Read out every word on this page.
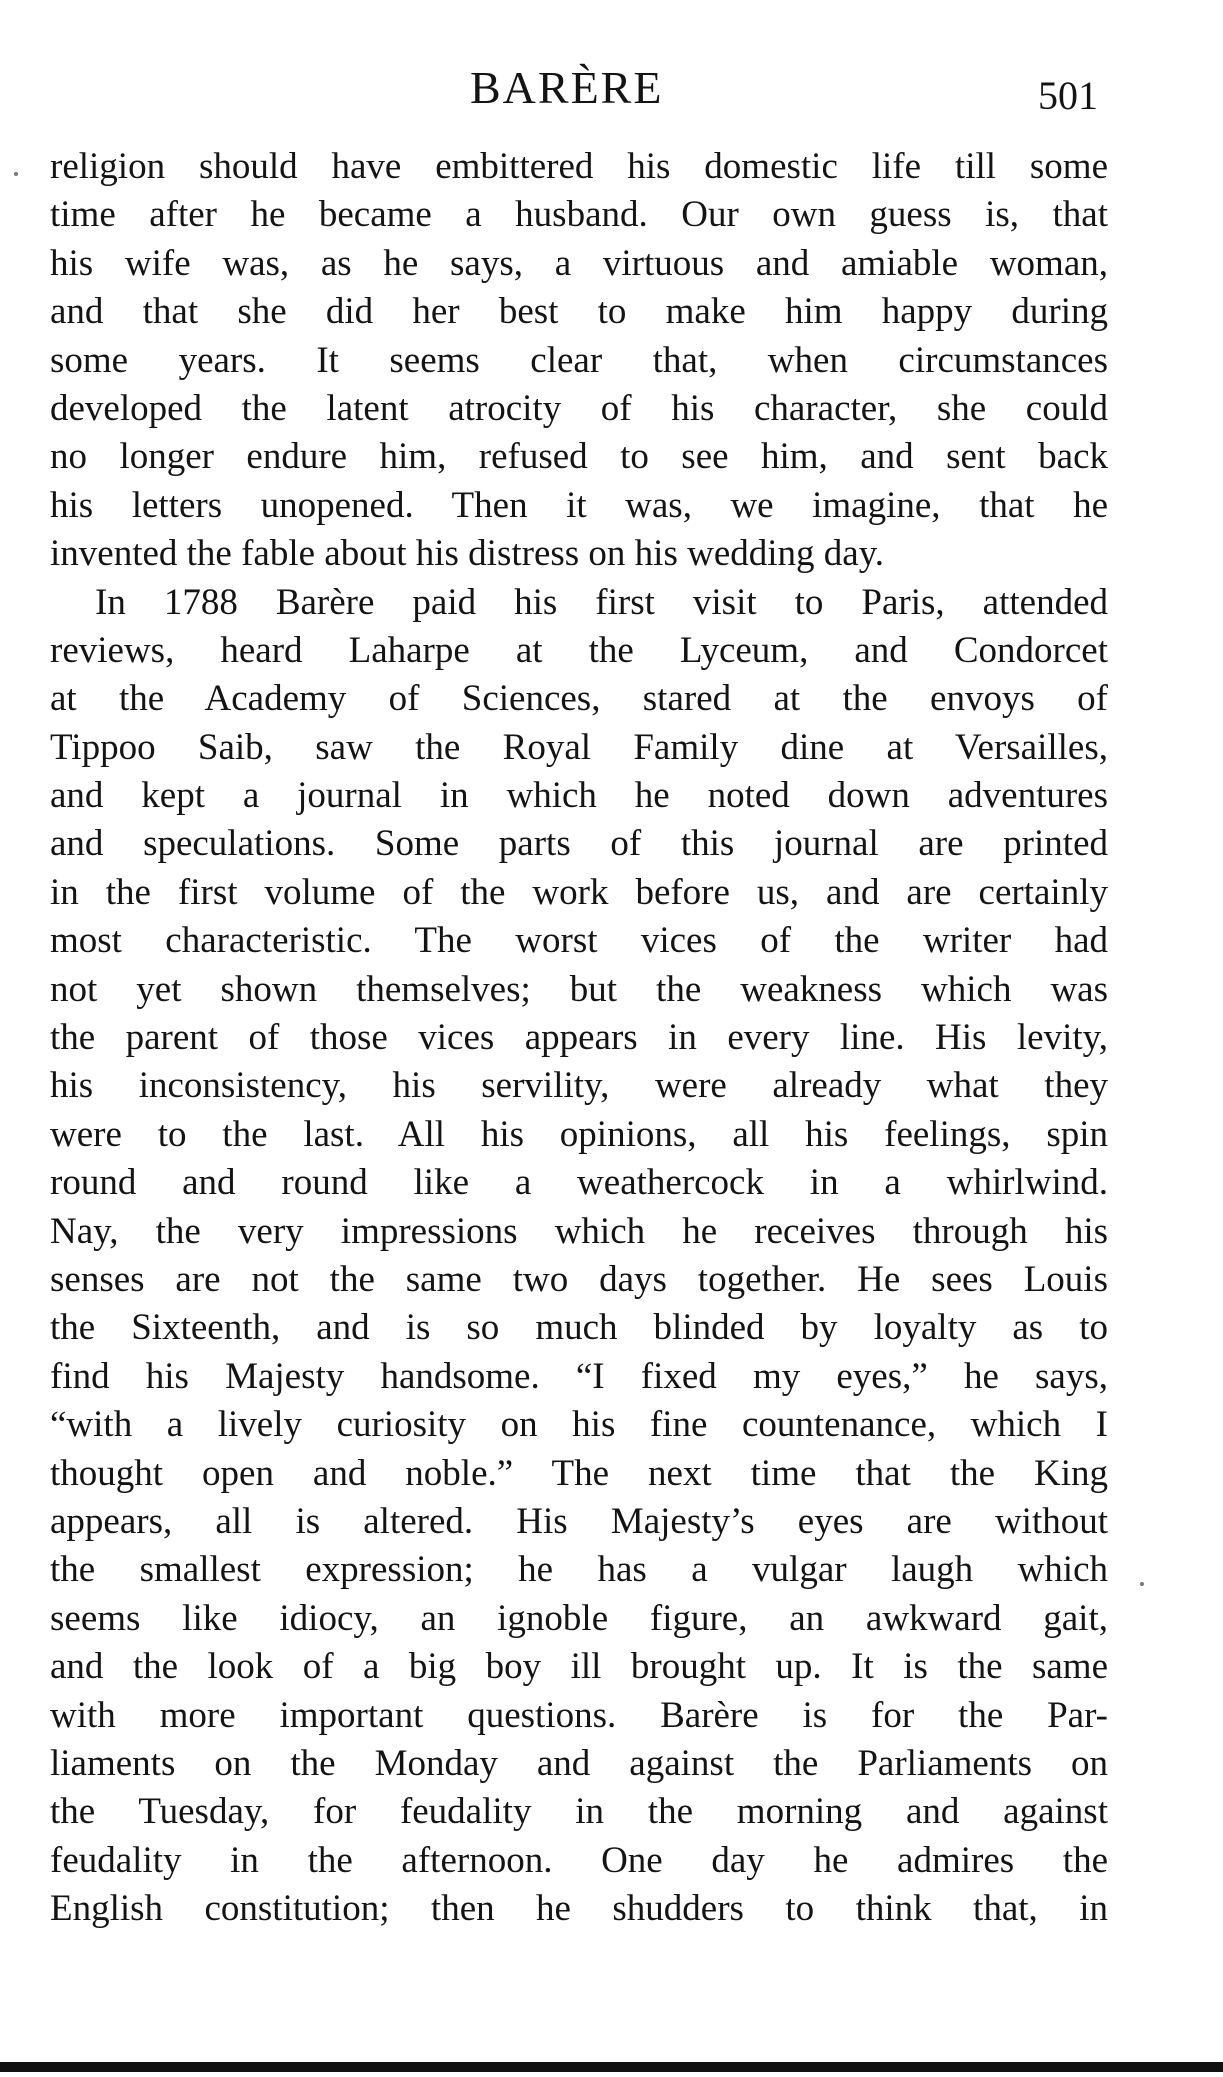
BARÈRE	501
religion should have embittered his domestic life till some
time after he became a husband. Our own guess is, that
his wife was, as he says, a virtuous and amiable woman,
and that she did her best to make him happy during
some years. It seems clear that, when circumstances
developed the latent atrocity of his character, she could
no longer endure him, refused to see him, and sent back
his letters unopened. Then it was, we imagine, that he
invented the fable about his distress on his wedding day.
In 1788 Barère paid his first visit to Paris, attended
reviews, heard Laharpe at the Lyceum, and Condorcet
at the Academy of Sciences, stared at the envoys of
Tippoo Saib, saw the Royal Family dine at Versailles,
and kept a journal in which he noted down adventures
and speculations. Some parts of this journal are printed
in the first volume of the work before us, and are certainly
most characteristic. The worst vices of the writer had
not yet shown themselves; but the weakness which was
the parent of those vices appears in every line. His levity,
his inconsistency, his servility, were already what they
were to the last. All his opinions, all his feelings, spin
round and round like a weathercock in a whirlwind.
Nay, the very impressions which he receives through his
senses are not the same two days together. He sees Louis
the Sixteenth, and is so much blinded by loyalty as to
find his Majesty handsome. “I fixed my eyes,” he says,
“with a lively curiosity on his fine countenance, which I
thought open and noble.” The next time that the King
appears, all is altered. His Majesty’s eyes are without
the smallest expression; he has a vulgar laugh which
seems like idiocy, an ignoble figure, an awkward gait,
and the look of a big boy ill brought up. It is the same
with more important questions. Barère is for the Par-
liaments on the Monday and against the Parliaments on
the Tuesday, for feudality in the morning and against
feudality in the afternoon. One day he admires the
English constitution; then he shudders to think that, in
